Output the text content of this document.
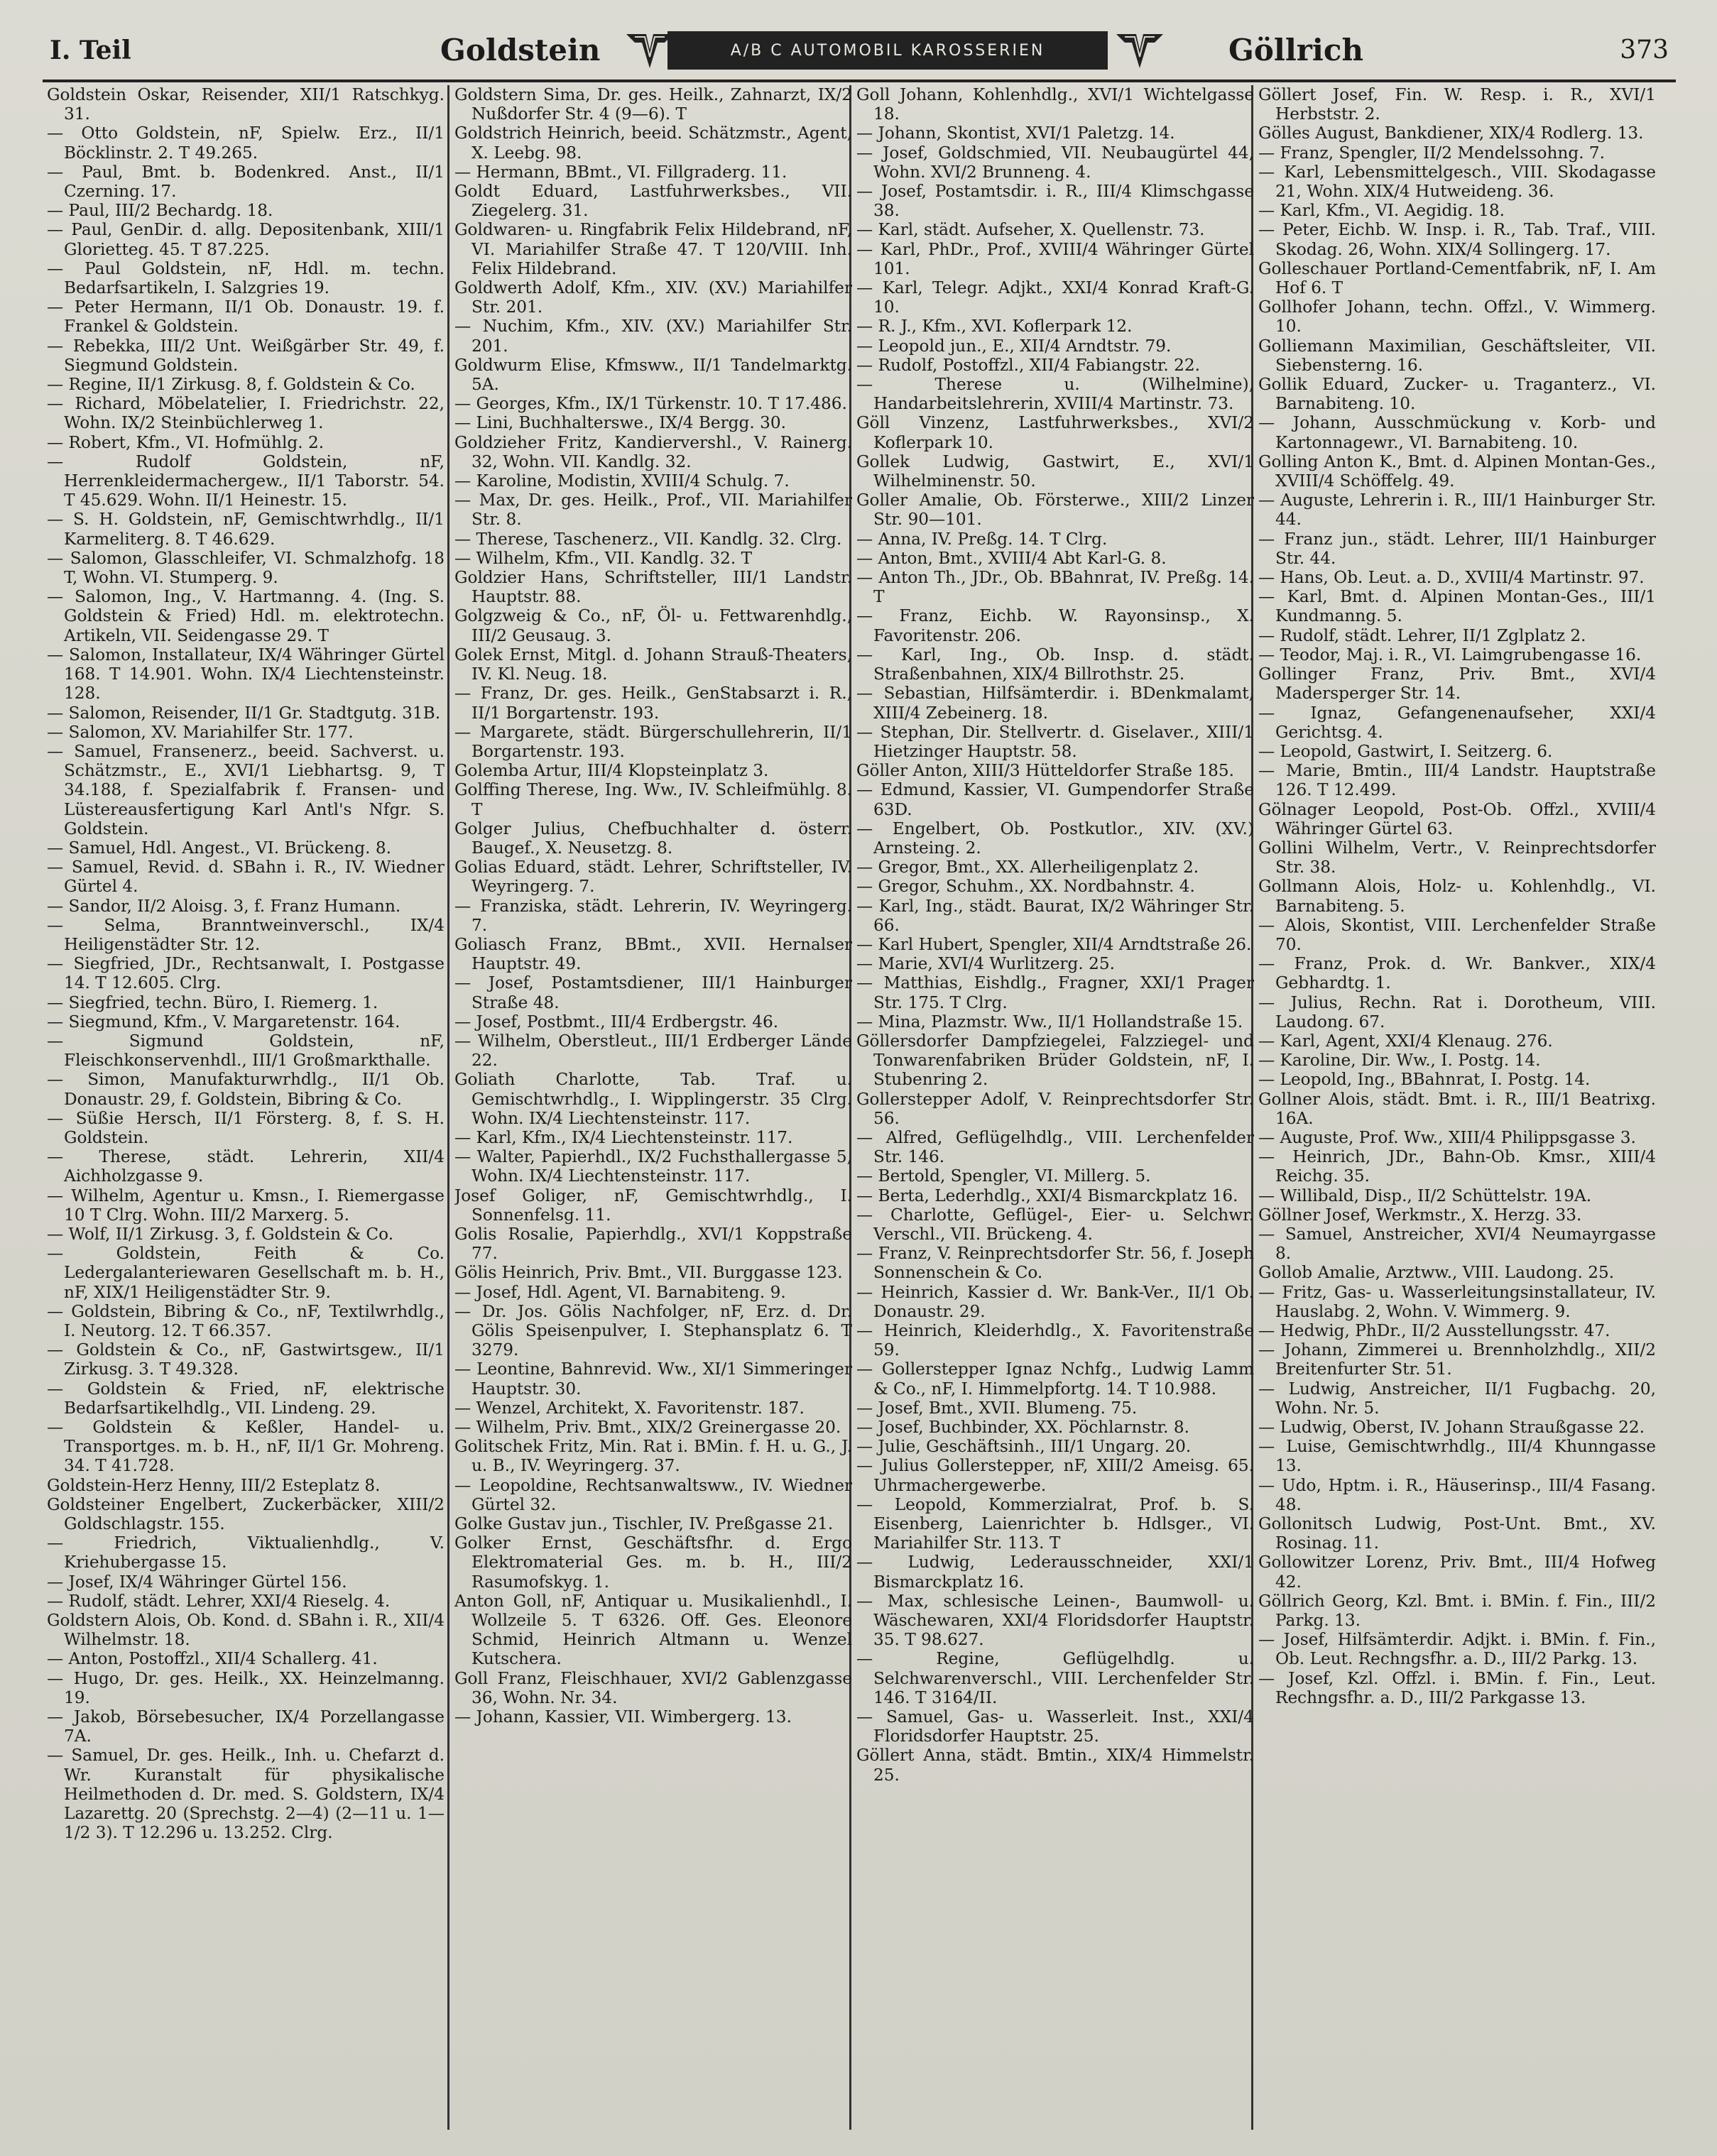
I. Teil	Goldstein	A/B C AUTOMOBIL KAROSSERIEN	Göllrich	373

Goldstein Oskar, Reisender, XII/1 Ratschkyg. 31.

— Otto Goldstein, nF, Spielw. Erz., II/1 Böcklinstr. 2. T 49.265.

— Paul, Bmt. b. Bodenkred. Anst., II/1 Czerning. 17.

— Paul, III/2 Bechardg. 18.

— Paul, GenDir. d. allg. Depositenbank, XIII/1 Glorietteg. 45. T 87.225.

— Paul Goldstein, nF, Hdl. m. techn. Bedarfsartikeln, I. Salzgries 19.

— Peter Hermann, II/1 Ob. Donaustr. 19. f. Frankel & Goldstein.

— Rebekka, III/2 Unt. Weißgärber Str. 49, f. Siegmund Goldstein.

— Regine, II/1 Zirkusg. 8, f. Goldstein & Co.

— Richard, Möbelatelier, I. Friedrichstr. 22, Wohn. IX/2 Steinbüchlerweg 1.

— Robert, Kfm., VI. Hofmühlg. 2.

— Rudolf Goldstein, nF, Herrenkleidermachergew., II/1 Taborstr. 54. T 45.629. Wohn. II/1 Heinestr. 15.

— S. H. Goldstein, nF, Gemischtwrhdlg., II/1 Karmeliterg. 8. T 46.629.

— Salomon, Glasschleifer, VI. Schmalzhofg. 18 T, Wohn. VI. Stumperg. 9.

— Salomon, Ing., V. Hartmanng. 4. (Ing. S. Goldstein & Fried) Hdl. m. elektrotechn. Artikeln, VII. Seidengasse 29. T

— Salomon, Installateur, IX/4 Währinger Gürtel 168. T 14.901. Wohn. IX/4 Liechtensteinstr. 128.

— Salomon, Reisender, II/1 Gr. Stadtgutg. 31B.

— Salomon, XV. Mariahilfer Str. 177.

— Samuel, Fransenerz., beeid. Sachverst. u. Schätzmstr., E., XVI/1 Liebhartsg. 9, T 34.188, f. Spezialfabrik f. Fransen- und Lüstereausfertigung Karl Antl's Nfgr. S. Goldstein.

— Samuel, Hdl. Angest., VI. Brückeng. 8.

— Samuel, Revid. d. SBahn i. R., IV. Wiedner Gürtel 4.

— Sandor, II/2 Aloisg. 3, f. Franz Humann.

— Selma, Branntweinverschl., IX/4 Heiligenstädter Str. 12.

— Siegfried, JDr., Rechtsanwalt, I. Postgasse 14. T 12.605. Clrg.

— Siegfried, techn. Büro, I. Riemerg. 1.

— Siegmund, Kfm., V. Margaretenstr. 164.

— Sigmund Goldstein, nF, Fleischkonservenhdl., III/1 Großmarkthalle.

— Simon, Manufakturwrhdlg., II/1 Ob. Donaustr. 29, f. Goldstein, Bibring & Co.

— Süßie Hersch, II/1 Försterg. 8, f. S. H. Goldstein.

— Therese, städt. Lehrerin, XII/4 Aichholzgasse 9.

— Wilhelm, Agentur u. Kmsn., I. Riemergasse 10 T Clrg. Wohn. III/2 Marxerg. 5.

— Wolf, II/1 Zirkusg. 3, f. Goldstein & Co.

— Goldstein, Feith & Co. Ledergalanteriewaren Gesellschaft m. b. H., nF, XIX/1 Heiligenstädter Str. 9.

— Goldstein, Bibring & Co., nF, Textilwrhdlg., I. Neutorg. 12. T 66.357.

— Goldstein & Co., nF, Gastwirtsgew., II/1 Zirkusg. 3. T 49.328.

— Goldstein & Fried, nF, elektrische Bedarfsartikelhdlg., VII. Lindeng. 29.

— Goldstein & Keßler, Handel- u. Transportges. m. b. H., nF, II/1 Gr. Mohreng. 34. T 41.728.

Goldstein-Herz Henny, III/2 Esteplatz 8.

Goldsteiner Engelbert, Zuckerbäcker, XIII/2 Goldschlagstr. 155.

— Friedrich, Viktualienhdlg., V. Kriehubergasse 15.

— Josef, IX/4 Währinger Gürtel 156.

— Rudolf, städt. Lehrer, XXI/4 Rieselg. 4.

Goldstern Alois, Ob. Kond. d. SBahn i. R., XII/4 Wilhelmstr. 18.

— Anton, Postoffzl., XII/4 Schallerg. 41.

— Hugo, Dr. ges. Heilk., XX. Heinzelmanng. 19.

— Jakob, Börsebesucher, IX/4 Porzellangasse 7A.

— Samuel, Dr. ges. Heilk., Inh. u. Chefarzt d. Wr. Kuranstalt für physikalische Heilmethoden d. Dr. med. S. Goldstern, IX/4 Lazarettg. 20 (Sprechstg. 2—4) (2—11 u. 1—1/2 3). T 12.296 u. 13.252. Clrg.

Goldstern Sima, Dr. ges. Heilk., Zahnarzt, IX/2 Nußdorfer Str. 4 (9—6). T

Goldstrich Heinrich, beeid. Schätzmstr., Agent, X. Leebg. 98.

— Hermann, BBmt., VI. Fillgraderg. 11.

Goldt Eduard, Lastfuhrwerksbes., VII. Ziegelerg. 31.

Goldwaren- u. Ringfabrik Felix Hildebrand, nF, VI. Mariahilfer Straße 47. T 120/VIII. Inh. Felix Hildebrand.

Goldwerth Adolf, Kfm., XIV. (XV.) Mariahilfer Str. 201.

— Nuchim, Kfm., XIV. (XV.) Mariahilfer Str. 201.

Goldwurm Elise, Kfmsww., II/1 Tandelmarktg. 5A.

— Georges, Kfm., IX/1 Türkenstr. 10. T 17.486.

— Lini, Buchhalterswe., IX/4 Bergg. 30.

Goldzieher Fritz, Kandiervershl., V. Rainerg. 32, Wohn. VII. Kandlg. 32.

— Karoline, Modistin, XVIII/4 Schulg. 7.

— Max, Dr. ges. Heilk., Prof., VII. Mariahilfer Str. 8.

— Therese, Taschenerz., VII. Kandlg. 32. Clrg.

— Wilhelm, Kfm., VII. Kandlg. 32. T

Goldzier Hans, Schriftsteller, III/1 Landstr. Hauptstr. 88.

Golgzweig & Co., nF, Öl- u. Fettwarenhdlg., III/2 Geusaug. 3.

Golek Ernst, Mitgl. d. Johann Strauß-Theaters, IV. Kl. Neug. 18.

— Franz, Dr. ges. Heilk., GenStabsarzt i. R., II/1 Borgartenstr. 193.

— Margarete, städt. Bürgerschullehrerin, II/1 Borgartenstr. 193.

Golemba Artur, III/4 Klopsteinplatz 3.

Golffing Therese, Ing. Ww., IV. Schleifmühlg. 8. T

Golger Julius, Chefbuchhalter d. österr. Baugef., X. Neusetzg. 8.

Golias Eduard, städt. Lehrer, Schriftsteller, IV. Weyringerg. 7.

— Franziska, städt. Lehrerin, IV. Weyringerg. 7.

Goliasch Franz, BBmt., XVII. Hernalser Hauptstr. 49.

— Josef, Postamtsdiener, III/1 Hainburger Straße 48.

— Josef, Postbmt., III/4 Erdbergstr. 46.

— Wilhelm, Oberstleut., III/1 Erdberger Lände 22.

Goliath Charlotte, Tab. Traf. u. Gemischtwrhdlg., I. Wipplingerstr. 35 Clrg. Wohn. IX/4 Liechtensteinstr. 117.

— Karl, Kfm., IX/4 Liechtensteinstr. 117.

— Walter, Papierhdl., IX/2 Fuchsthallergasse 5, Wohn. IX/4 Liechtensteinstr. 117.

Josef Goliger, nF, Gemischtwrhdlg., I. Sonnenfelsg. 11.

Golis Rosalie, Papierhdlg., XVI/1 Koppstraße 77.

Gölis Heinrich, Priv. Bmt., VII. Burggasse 123.

— Josef, Hdl. Agent, VI. Barnabiteng. 9.

— Dr. Jos. Gölis Nachfolger, nF, Erz. d. Dr. Gölis Speisenpulver, I. Stephansplatz 6. T 3279.

— Leontine, Bahnrevid. Ww., XI/1 Simmeringer Hauptstr. 30.

— Wenzel, Architekt, X. Favoritenstr. 187.

— Wilhelm, Priv. Bmt., XIX/2 Greinergasse 20.

Golitschek Fritz, Min. Rat i. BMin. f. H. u. G., J. u. B., IV. Weyringerg. 37.

— Leopoldine, Rechtsanwaltsww., IV. Wiedner Gürtel 32.

Golke Gustav jun., Tischler, IV. Preßgasse 21.

Golker Ernst, Geschäftsfhr. d. Ergo Elektromaterial Ges. m. b. H., III/2 Rasumofskyg. 1.

Anton Goll, nF, Antiquar u. Musikalienhdl., I. Wollzeile 5. T 6326. Off. Ges. Eleonore Schmid, Heinrich Altmann u. Wenzel Kutschera.

Goll Franz, Fleischhauer, XVI/2 Gablenzgasse 36, Wohn. Nr. 34.

— Johann, Kassier, VII. Wimbergerg. 13.

Goll Johann, Kohlenhdlg., XVI/1 Wichtelgasse 18.

— Johann, Skontist, XVI/1 Paletzg. 14.

— Josef, Goldschmied, VII. Neubaugürtel 44, Wohn. XVI/2 Brunneng. 4.

— Josef, Postamtsdir. i. R., III/4 Klimschgasse 38.

— Karl, städt. Aufseher, X. Quellenstr. 73.

— Karl, PhDr., Prof., XVIII/4 Währinger Gürtel 101.

— Karl, Telegr. Adjkt., XXI/4 Konrad Kraft-G. 10.

— R. J., Kfm., XVI. Koflerpark 12.

— Leopold jun., E., XII/4 Arndtstr. 79.

— Rudolf, Postoffzl., XII/4 Fabiangstr. 22.

— Therese u. (Wilhelmine), Handarbeitslehrerin, XVIII/4 Martinstr. 73.

Göll Vinzenz, Lastfuhrwerksbes., XVI/2 Koflerpark 10.

Gollek Ludwig, Gastwirt, E., XVI/1 Wilhelminenstr. 50.

Goller Amalie, Ob. Försterwe., XIII/2 Linzer Str. 90—101.

— Anna, IV. Preßg. 14. T Clrg.

— Anton, Bmt., XVIII/4 Abt Karl-G. 8.

— Anton Th., JDr., Ob. BBahnrat, IV. Preßg. 14. T

— Franz, Eichb. W. Rayonsinsp., X. Favoritenstr. 206.

— Karl, Ing., Ob. Insp. d. städt. Straßenbahnen, XIX/4 Billrothstr. 25.

— Sebastian, Hilfsämterdir. i. BDenkmalamt, XIII/4 Zebeinerg. 18.

— Stephan, Dir. Stellvertr. d. Giselaver., XIII/1 Hietzinger Hauptstr. 58.

Göller Anton, XIII/3 Hütteldorfer Straße 185.

— Edmund, Kassier, VI. Gumpendorfer Straße 63D.

— Engelbert, Ob. Postkutlor., XIV. (XV.) Arnsteing. 2.

— Gregor, Bmt., XX. Allerheiligenplatz 2.

— Gregor, Schuhm., XX. Nordbahnstr. 4.

— Karl, Ing., städt. Baurat, IX/2 Währinger Str. 66.

— Karl Hubert, Spengler, XII/4 Arndtstraße 26.

— Marie, XVI/4 Wurlitzerg. 25.

— Matthias, Eishdlg., Fragner, XXI/1 Prager Str. 175. T Clrg.

— Mina, Plazmstr. Ww., II/1 Hollandstraße 15.

Göllersdorfer Dampfziegelei, Falzziegel- und Tonwarenfabriken Brüder Goldstein, nF, I. Stubenring 2.

Gollerstepper Adolf, V. Reinprechtsdorfer Str. 56.

— Alfred, Geflügelhdlg., VIII. Lerchenfelder Str. 146.

— Bertold, Spengler, VI. Millerg. 5.

— Berta, Lederhdlg., XXI/4 Bismarckplatz 16.

— Charlotte, Geflügel-, Eier- u. Selchwr. Verschl., VII. Brückeng. 4.

— Franz, V. Reinprechtsdorfer Str. 56, f. Joseph Sonnenschein & Co.

— Heinrich, Kassier d. Wr. Bank-Ver., II/1 Ob. Donaustr. 29.

— Heinrich, Kleiderhdlg., X. Favoritenstraße 59.

— Gollerstepper Ignaz Nchfg., Ludwig Lamm & Co., nF, I. Himmelpfortg. 14. T 10.988.

— Josef, Bmt., XVII. Blumeng. 75.

— Josef, Buchbinder, XX. Pöchlarnstr. 8.

— Julie, Geschäftsinh., III/1 Ungarg. 20.

— Julius Gollerstepper, nF, XIII/2 Ameisg. 65. Uhrmachergewerbe.

— Leopold, Kommerzialrat, Prof. b. S. Eisenberg, Laienrichter b. Hdlsger., VI. Mariahilfer Str. 113. T

— Ludwig, Lederausschneider, XXI/1 Bismarckplatz 16.

— Max, schlesische Leinen-, Baumwoll- u. Wäschewaren, XXI/4 Floridsdorfer Hauptstr. 35. T 98.627.

— Regine, Geflügelhdlg. u. Selchwarenverschl., VIII. Lerchenfelder Str. 146. T 3164/II.

— Samuel, Gas- u. Wasserleit. Inst., XXI/4 Floridsdorfer Hauptstr. 25.

Göllert Anna, städt. Bmtin., XIX/4 Himmelstr. 25.

Göllert Josef, Fin. W. Resp. i. R., XVI/1 Herbststr. 2.

Gölles August, Bankdiener, XIX/4 Rodlerg. 13.

— Franz, Spengler, II/2 Mendelssohng. 7.

— Karl, Lebensmittelgesch., VIII. Skodagasse 21, Wohn. XIX/4 Hutweideng. 36.

— Karl, Kfm., VI. Aegidig. 18.

— Peter, Eichb. W. Insp. i. R., Tab. Traf., VIII. Skodag. 26, Wohn. XIX/4 Sollingerg. 17.

Golleschauer Portland-Cementfabrik, nF, I. Am Hof 6. T

Gollhofer Johann, techn. Offzl., V. Wimmerg. 10.

Golliemann Maximilian, Geschäftsleiter, VII. Siebensterng. 16.

Gollik Eduard, Zucker- u. Traganterz., VI. Barnabiteng. 10.

— Johann, Ausschmückung v. Korb- und Kartonnagewr., VI. Barnabiteng. 10.

Golling Anton K., Bmt. d. Alpinen Montan-Ges., XVIII/4 Schöffelg. 49.

— Auguste, Lehrerin i. R., III/1 Hainburger Str. 44.

— Franz jun., städt. Lehrer, III/1 Hainburger Str. 44.

— Hans, Ob. Leut. a. D., XVIII/4 Martinstr. 97.

— Karl, Bmt. d. Alpinen Montan-Ges., III/1 Kundmanng. 5.

— Rudolf, städt. Lehrer, II/1 Zglplatz 2.

— Teodor, Maj. i. R., VI. Laimgrubengasse 16.

Gollinger Franz, Priv. Bmt., XVI/4 Madersperger Str. 14.

— Ignaz, Gefangenenaufseher, XXI/4 Gerichtsg. 4.

— Leopold, Gastwirt, I. Seitzerg. 6.

— Marie, Bmtin., III/4 Landstr. Hauptstraße 126. T 12.499.

Gölnager Leopold, Post-Ob. Offzl., XVIII/4 Währinger Gürtel 63.

Gollini Wilhelm, Vertr., V. Reinprechtsdorfer Str. 38.

Gollmann Alois, Holz- u. Kohlenhdlg., VI. Barnabiteng. 5.

— Alois, Skontist, VIII. Lerchenfelder Straße 70.

— Franz, Prok. d. Wr. Bankver., XIX/4 Gebhardtg. 1.

— Julius, Rechn. Rat i. Dorotheum, VIII. Laudong. 67.

— Karl, Agent, XXI/4 Klenaug. 276.

— Karoline, Dir. Ww., I. Postg. 14.

— Leopold, Ing., BBahnrat, I. Postg. 14.

Gollner Alois, städt. Bmt. i. R., III/1 Beatrixg. 16A.

— Auguste, Prof. Ww., XIII/4 Philippsgasse 3.

— Heinrich, JDr., Bahn-Ob. Kmsr., XIII/4 Reichg. 35.

— Willibald, Disp., II/2 Schüttelstr. 19A.

Göllner Josef, Werkmstr., X. Herzg. 33.

— Samuel, Anstreicher, XVI/4 Neumayrgasse 8.

Gollob Amalie, Arztww., VIII. Laudong. 25.

— Fritz, Gas- u. Wasserleitungsinstallateur, IV. Hauslabg. 2, Wohn. V. Wimmerg. 9.

— Hedwig, PhDr., II/2 Ausstellungsstr. 47.

— Johann, Zimmerei u. Brennholzhdlg., XII/2 Breitenfurter Str. 51.

— Ludwig, Anstreicher, II/1 Fugbachg. 20, Wohn. Nr. 5.

— Ludwig, Oberst, IV. Johann Straußgasse 22.

— Luise, Gemischtwrhdlg., III/4 Khunngasse 13.

— Udo, Hptm. i. R., Häuserinsp., III/4 Fasang. 48.

Gollonitsch Ludwig, Post-Unt. Bmt., XV. Rosinag. 11.

Gollowitzer Lorenz, Priv. Bmt., III/4 Hofweg 42.

Göllrich Georg, Kzl. Bmt. i. BMin. f. Fin., III/2 Parkg. 13.

— Josef, Hilfsämterdir. Adjkt. i. BMin. f. Fin., Ob. Leut. Rechngsfhr. a. D., III/2 Parkg. 13.

— Josef, Kzl. Offzl. i. BMin. f. Fin., Leut. Rechngsfhr. a. D., III/2 Parkgasse 13.
